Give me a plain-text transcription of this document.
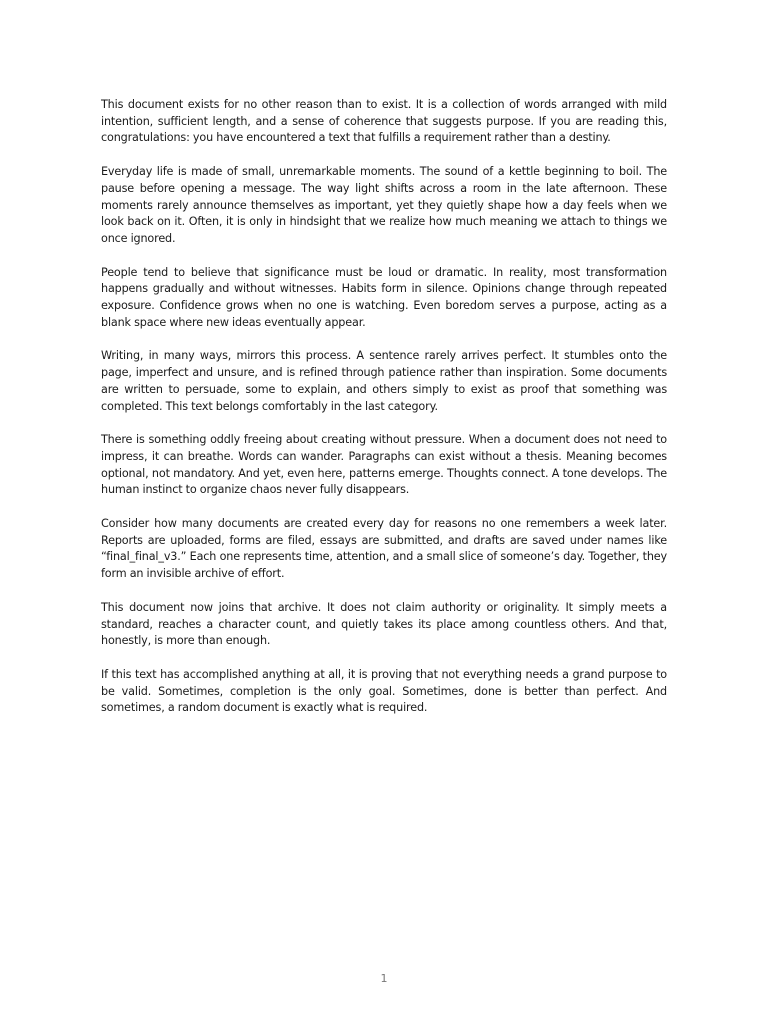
This document exists for no other reason than to exist. It is a collection of words arranged with mild intention, sufficient length, and a sense of coherence that suggests purpose. If you are reading this, congratulations: you have encountered a text that fulfills a requirement rather than a destiny.

Everyday life is made of small, unremarkable moments. The sound of a kettle beginning to boil. The pause before opening a message. The way light shifts across a room in the late afternoon. These moments rarely announce themselves as important, yet they quietly shape how a day feels when we look back on it. Often, it is only in hindsight that we realize how much meaning we attach to things we once ignored.

People tend to believe that significance must be loud or dramatic. In reality, most transformation happens gradually and without witnesses. Habits form in silence. Opinions change through repeated exposure. Confidence grows when no one is watching. Even boredom serves a purpose, acting as a blank space where new ideas eventually appear.

Writing, in many ways, mirrors this process. A sentence rarely arrives perfect. It stumbles onto the page, imperfect and unsure, and is refined through patience rather than inspiration. Some documents are written to persuade, some to explain, and others simply to exist as proof that something was completed. This text belongs comfortably in the last category.

There is something oddly freeing about creating without pressure. When a document does not need to impress, it can breathe. Words can wander. Paragraphs can exist without a thesis. Meaning becomes optional, not mandatory. And yet, even here, patterns emerge. Thoughts connect. A tone develops. The human instinct to organize chaos never fully disappears.

Consider how many documents are created every day for reasons no one remembers a week later. Reports are uploaded, forms are filed, essays are submitted, and drafts are saved under names like “final_final_v3.” Each one represents time, attention, and a small slice of someone’s day. Together, they form an invisible archive of effort.

This document now joins that archive. It does not claim authority or originality. It simply meets a standard, reaches a character count, and quietly takes its place among countless others. And that, honestly, is more than enough.

If this text has accomplished anything at all, it is proving that not everything needs a grand purpose to be valid. Sometimes, completion is the only goal. Sometimes, done is better than perfect. And sometimes, a random document is exactly what is required.

1
